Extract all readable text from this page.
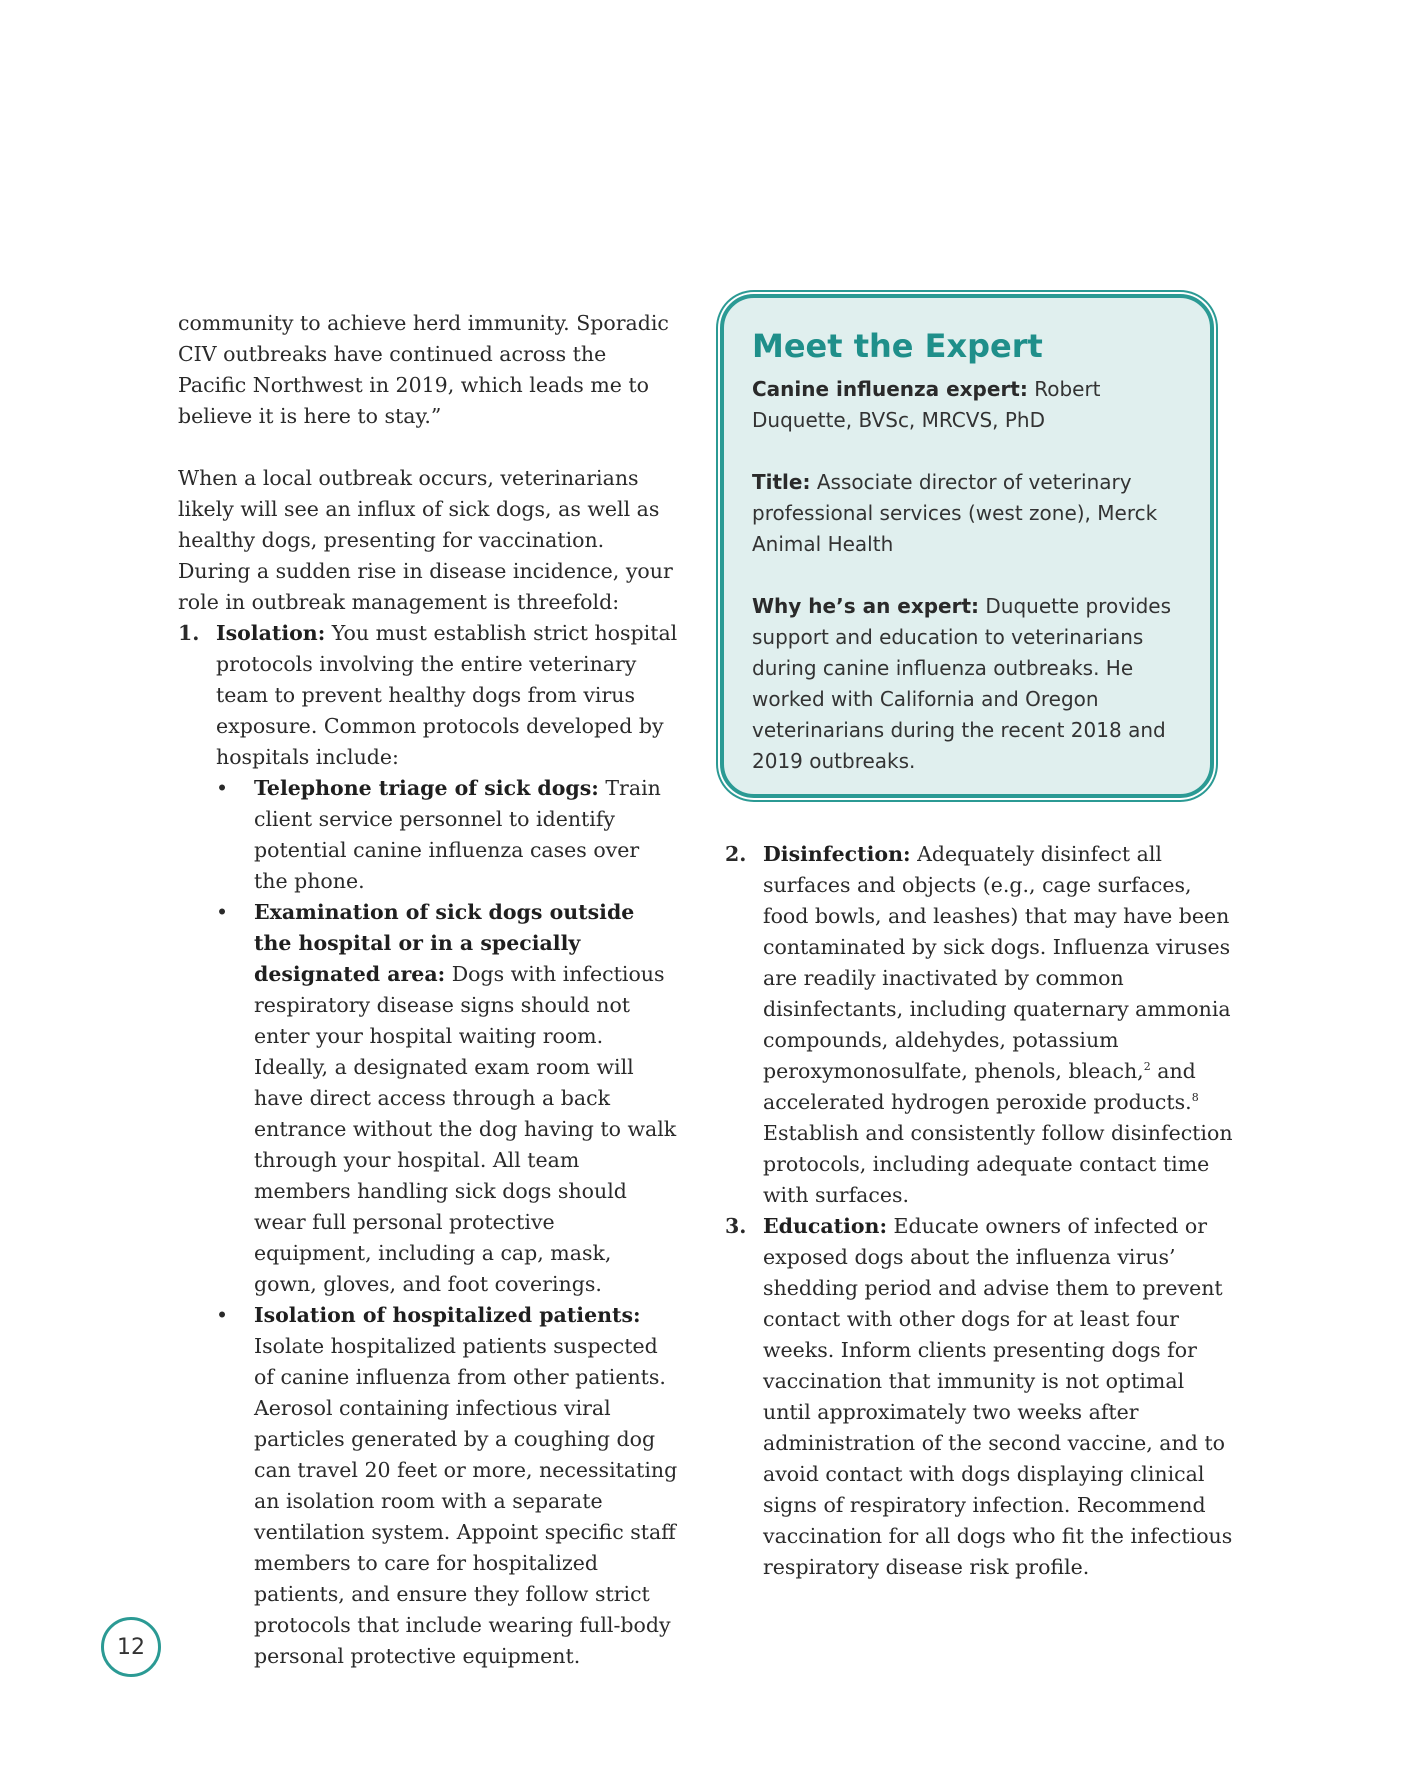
community to achieve herd immunity. Sporadic CIV outbreaks have continued across the Pacific Northwest in 2019, which leads me to believe it is here to stay.”

When a local outbreak occurs, veterinarians likely will see an influx of sick dogs, as well as healthy dogs, presenting for vaccination. During a sudden rise in disease incidence, your role in outbreak management is threefold:

1. Isolation: You must establish strict hospital protocols involving the entire veterinary team to prevent healthy dogs from virus exposure. Common protocols developed by hospitals include:
• Telephone triage of sick dogs: Train client service personnel to identify potential canine influenza cases over the phone.
• Examination of sick dogs outside the hospital or in a specially designated area: Dogs with infectious respiratory disease signs should not enter your hospital waiting room. Ideally, a designated exam room will have direct access through a back entrance without the dog having to walk through your hospital. All team members handling sick dogs should wear full personal protective equipment, including a cap, mask, gown, gloves, and foot coverings.
• Isolation of hospitalized patients: Isolate hospitalized patients suspected of canine influenza from other patients. Aerosol containing infectious viral particles generated by a coughing dog can travel 20 feet or more, necessitating an isolation room with a separate ventilation system. Appoint specific staff members to care for hospitalized patients, and ensure they follow strict protocols that include wearing full-body personal protective equipment.
Meet the Expert

Canine influenza expert: Robert Duquette, BVSc, MRCVS, PhD

Title: Associate director of veterinary professional services (west zone), Merck Animal Health

Why he’s an expert: Duquette provides support and education to veterinarians during canine influenza outbreaks. He worked with California and Oregon veterinarians during the recent 2018 and 2019 outbreaks.

2. Disinfection: Adequately disinfect all surfaces and objects (e.g., cage surfaces, food bowls, and leashes) that may have been contaminated by sick dogs. Influenza viruses are readily inactivated by common disinfectants, including quaternary ammonia compounds, aldehydes, potassium peroxymonosulfate, phenols, bleach,$^2$ and accelerated hydrogen peroxide products.$^8$ Establish and consistently follow disinfection protocols, including adequate contact time with surfaces.
3. Education: Educate owners of infected or exposed dogs about the influenza virus’ shedding period and advise them to prevent contact with other dogs for at least four weeks. Inform clients presenting dogs for vaccination that immunity is not optimal until approximately two weeks after administration of the second vaccine, and to avoid contact with dogs displaying clinical signs of respiratory infection. Recommend vaccination for all dogs who fit the infectious respiratory disease risk profile.
12
